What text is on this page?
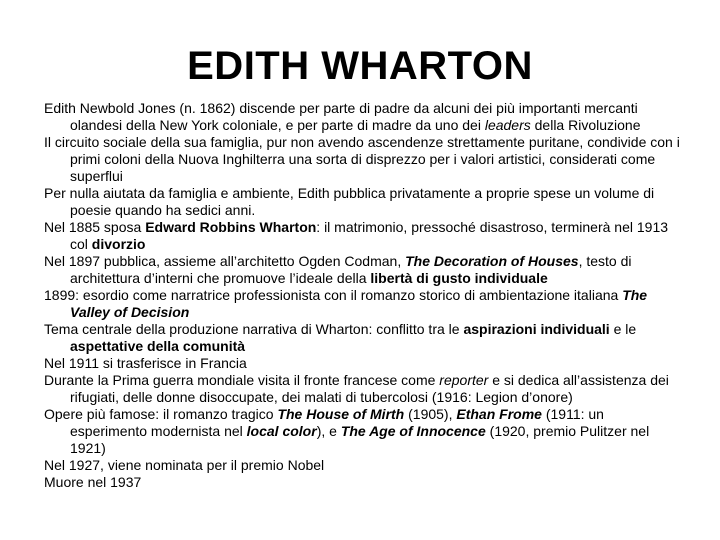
EDITH WHARTON

Edith Newbold Jones (n. 1862) discende per parte di padre da alcuni dei più importanti mercanti olandesi della New York coloniale, e per parte di madre da uno dei leaders della Rivoluzione

Il circuito sociale della sua famiglia, pur non avendo ascendenze strettamente puritane, condivide con i primi coloni della Nuova Inghilterra una sorta di disprezzo per i valori artistici, considerati come superflui

Per nulla aiutata da famiglia e ambiente, Edith pubblica privatamente a proprie spese un volume di poesie quando ha sedici anni.

Nel 1885 sposa Edward Robbins Wharton: il matrimonio, pressoché disastroso, terminerà nel 1913 col divorzio

Nel 1897 pubblica, assieme all’architetto Ogden Codman, The Decoration of Houses, testo di architettura d’interni che promuove l’ideale della libertà di gusto individuale

1899: esordio come narratrice professionista con il romanzo storico di ambientazione italiana The Valley of Decision

Tema centrale della produzione narrativa di Wharton: conflitto tra le aspirazioni individuali e le aspettative della comunità

Nel 1911 si trasferisce in Francia

Durante la Prima guerra mondiale visita il fronte francese come reporter e si dedica all’assistenza dei rifugiati, delle donne disoccupate, dei malati di tubercolosi (1916: Legion d’onore)

Opere più famose: il romanzo tragico The House of Mirth (1905), Ethan Frome (1911: un esperimento modernista nel local color), e The Age of Innocence (1920, premio Pulitzer nel 1921)

Nel 1927, viene nominata per il premio Nobel

Muore nel 1937
